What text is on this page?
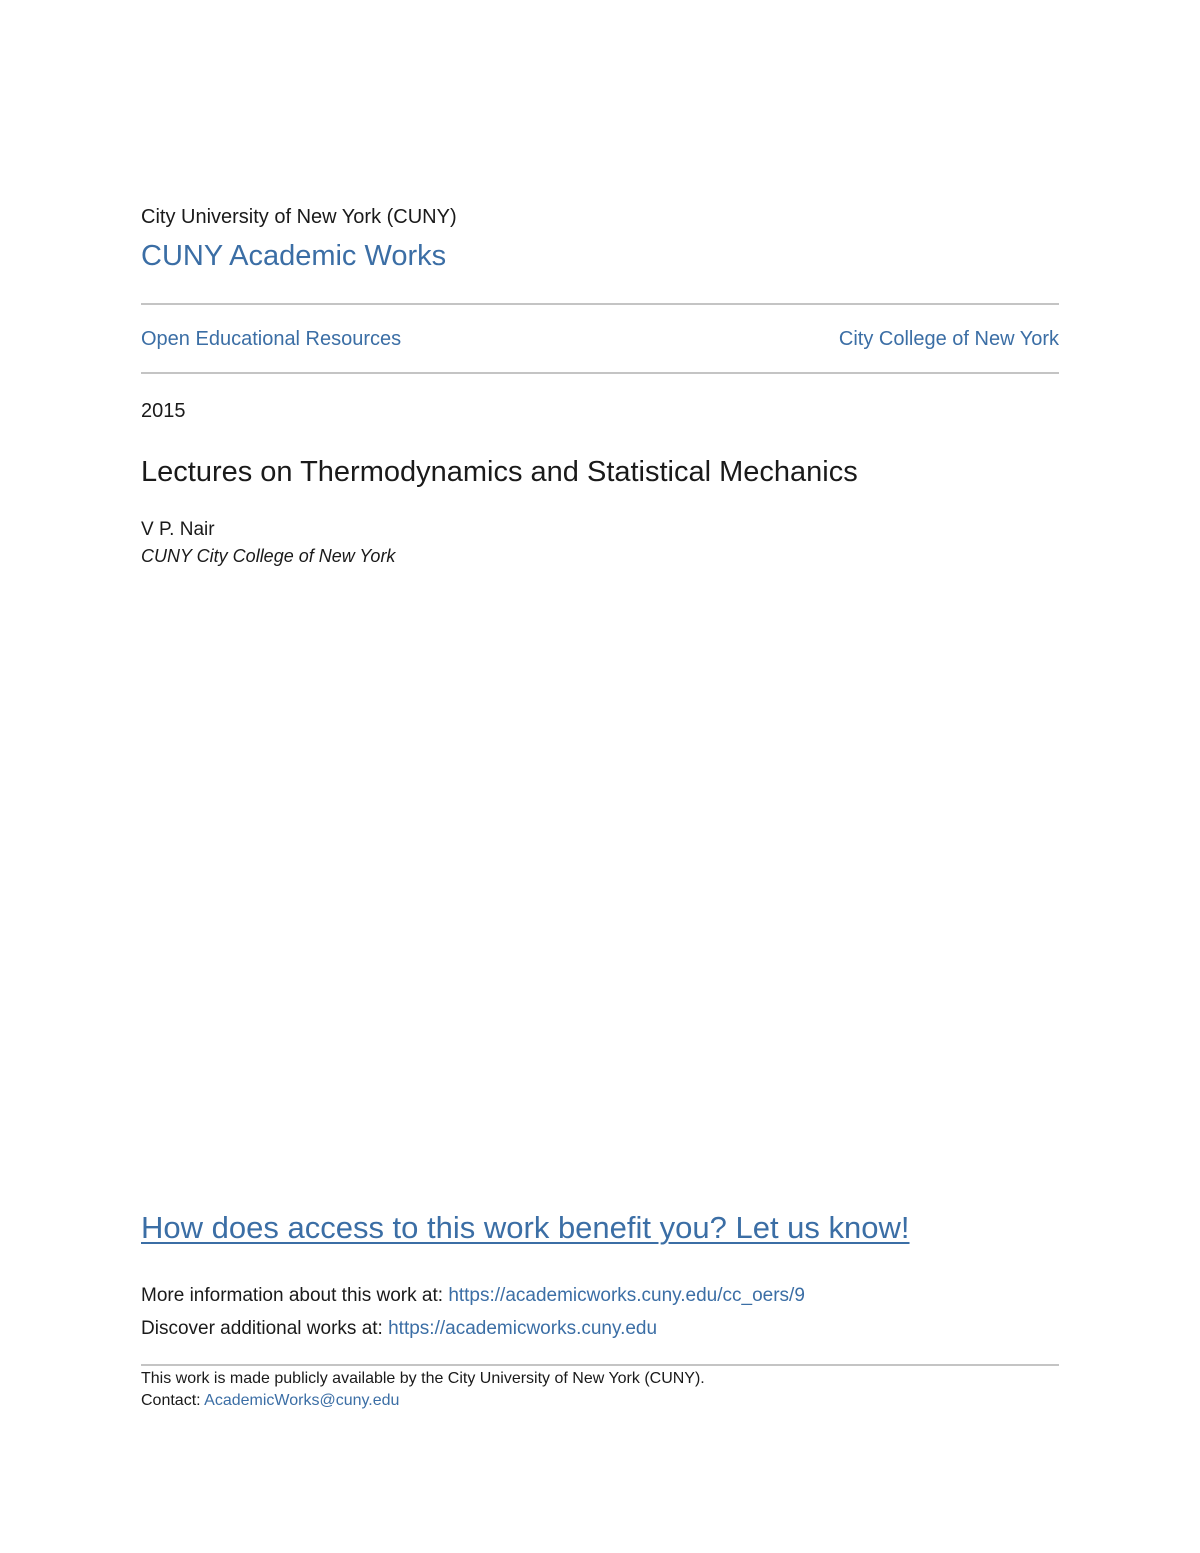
City University of New York (CUNY)
CUNY Academic Works
Open Educational Resources	City College of New York
2015
Lectures on Thermodynamics and Statistical Mechanics
V P. Nair
CUNY City College of New York
How does access to this work benefit you? Let us know!
More information about this work at: https://academicworks.cuny.edu/cc_oers/9
Discover additional works at: https://academicworks.cuny.edu
This work is made publicly available by the City University of New York (CUNY).
Contact: AcademicWorks@cuny.edu
